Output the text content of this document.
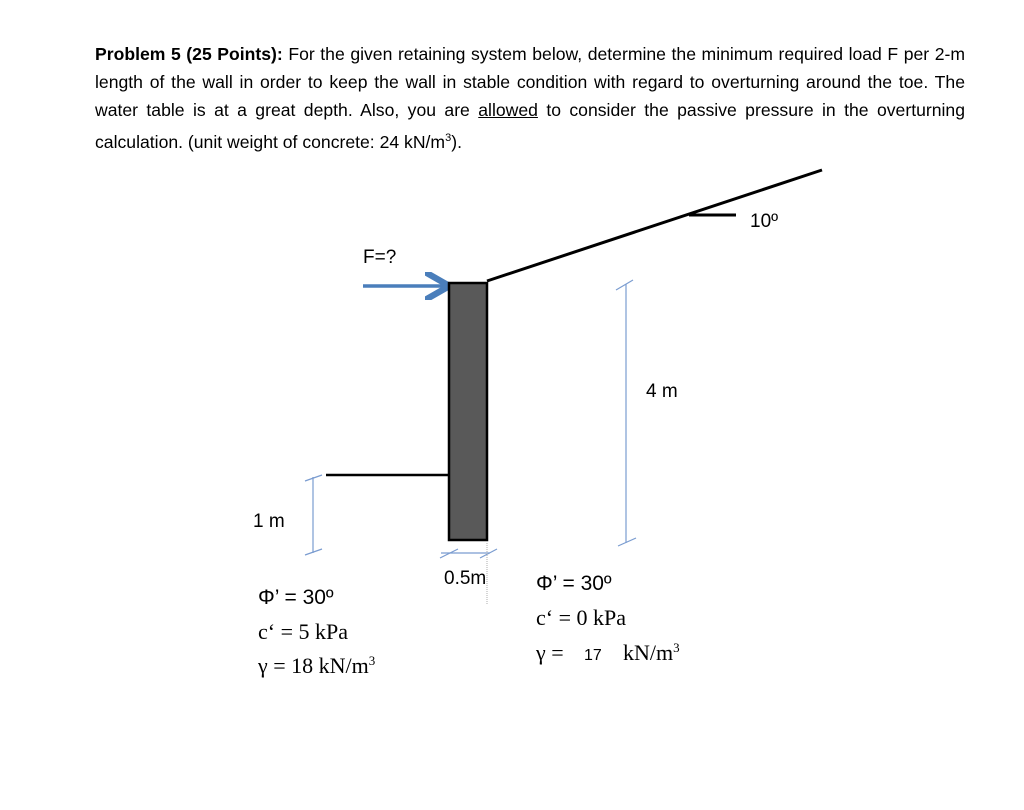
Problem 5 (25 Points): For the given retaining system below, determine the minimum required load F per 2-m length of the wall in order to keep the wall in stable condition with regard to overturning around the toe. The water table is at a great depth. Also, you are allowed to consider the passive pressure in the overturning calculation. (unit weight of concrete: 24 $kN/m^3$).
10º
F=?
1 m
4 m
0.5m
Φ’ = 30º
c‘ = 5 kPa
γ = 18 $kN/m^3$
Φ’ = 30º
c‘ = 0 kPa
γ = 17 $kN/m^3$
